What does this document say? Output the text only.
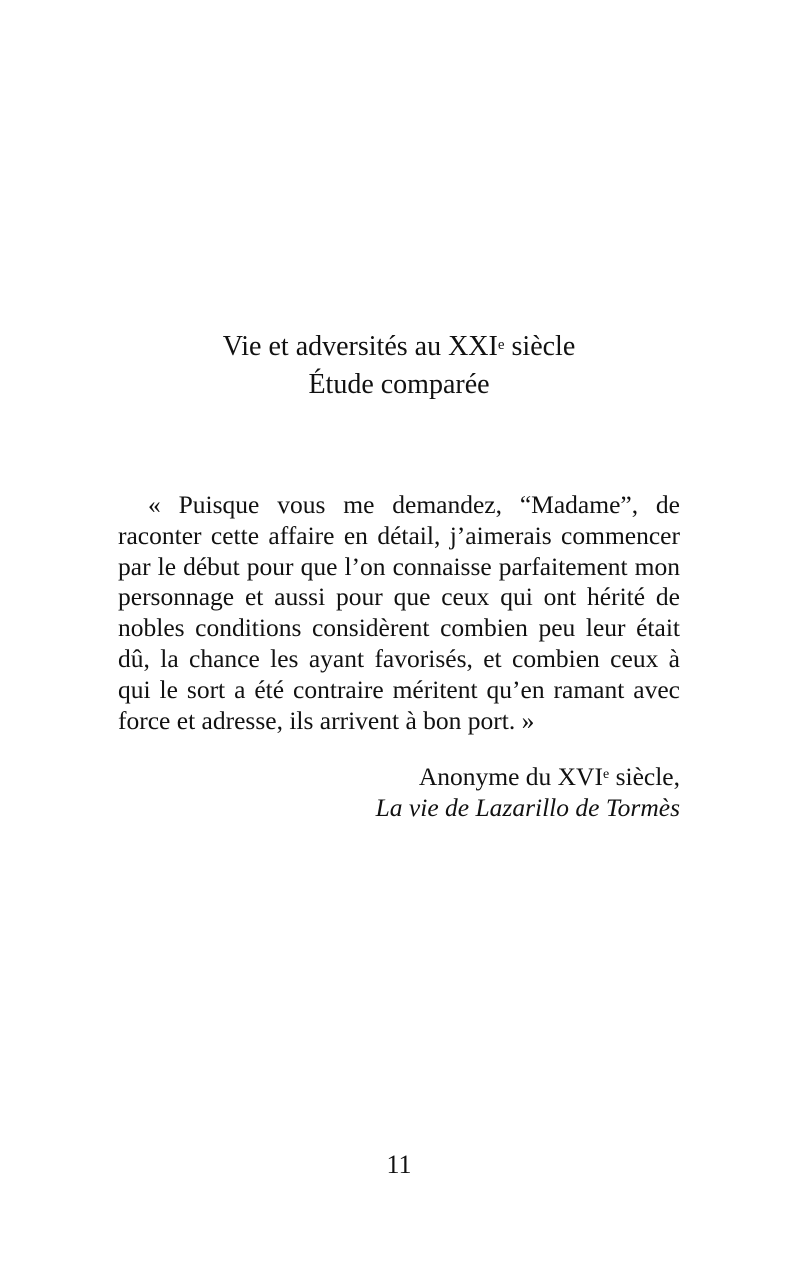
Vie et adversités au XXIe siècle
Étude comparée

« Puisque vous me demandez, “Madame”, de raconter cette affaire en détail, j’aimerais commencer par le début pour que l’on connaisse parfaitement mon personnage et aussi pour que ceux qui ont hérité de nobles conditions considèrent combien peu leur était dû, la chance les ayant favorisés, et combien ceux à qui le sort a été contraire méritent qu’en ramant avec force et adresse, ils arrivent à bon port. »

Anonyme du XVIe siècle,
La vie de Lazarillo de Tormès
11
